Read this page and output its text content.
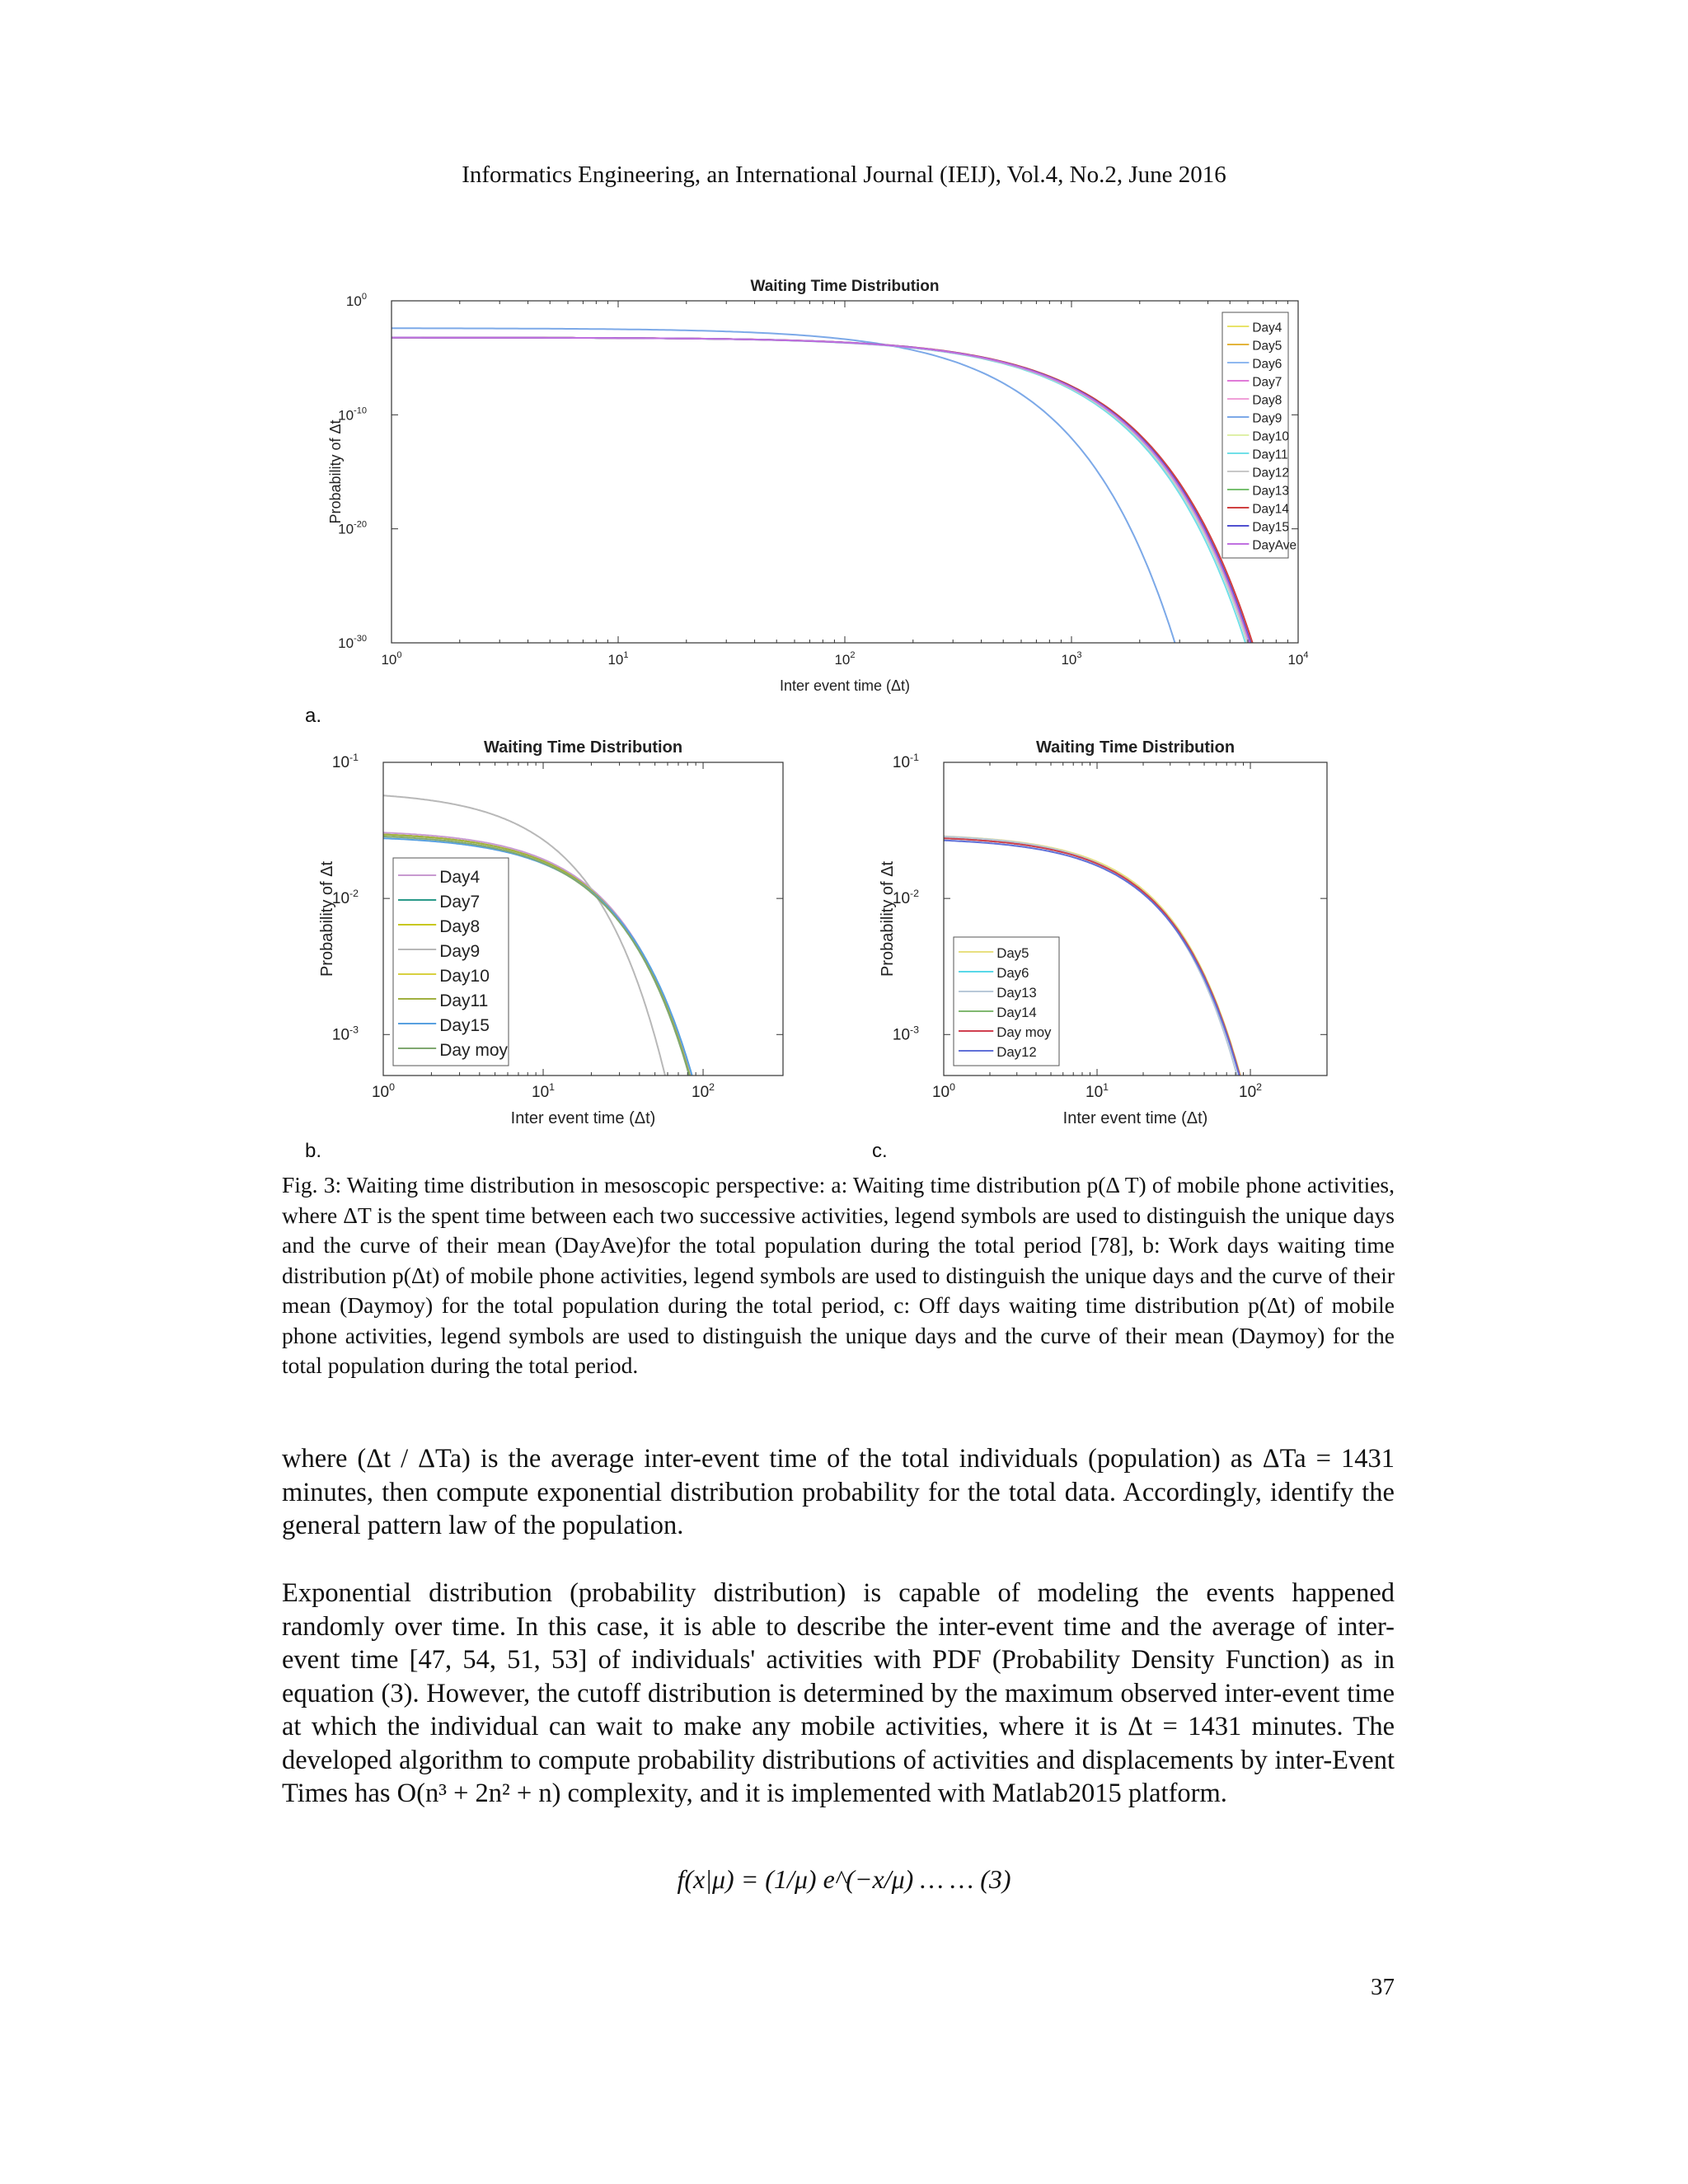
Informatics Engineering, an International Journal (IEIJ), Vol.4, No.2, June 2016
Waiting Time Distribution
$10^0$	$10^1$	$10^2$	$10^3$	$10^4$
$10^0$
$10^{-10}$
$10^{-20}$
$10^{-30}$
Inter event time (Δt)
Probability of Δt
Day4
Day5
Day6
Day7
Day8
Day9
Day10
Day11
Day12
Day13
Day14
Day15
DayAve
a.
Waiting Time Distribution
$10^0$	$10^1$	$10^2$
$10^{-1}$
$10^{-2}$
$10^{-3}$
Inter event time (Δt)
Probability of Δt	Day4
Day7
Day8
Day9
Day10
Day11
Day15
Day moy
b.
Waiting Time Distribution
$10^0$	$10^1$	$10^2$
$10^{-1}$
$10^{-2}$
$10^{-3}$
Inter event time (Δt)
Probability of Δt	Day5
Day6
Day13
Day14
Day moy
Day12
c.
Fig. 3: Waiting time distribution in mesoscopic perspective: a: Waiting time distribution p(Δ T) of mobile phone activities, where ΔT is the spent time between each two successive activities, legend symbols are used to distinguish the unique days and the curve of their mean (DayAve)for the total population during the total period [78], b: Work days waiting time distribution p(Δt) of mobile phone activities, legend symbols are used to distinguish the unique days and the curve of their mean (Daymoy) for the total population during the total period, c: Off days waiting time distribution p(Δt) of mobile phone activities, legend symbols are used to distinguish the unique days and the curve of their mean (Daymoy) for the total population during the total period.
where (Δt / ΔTa) is the average inter-event time of the total individuals (population) as ΔTa = 1431 minutes, then compute exponential distribution probability for the total data. Accordingly, identify the general pattern law of the population.
Exponential distribution (probability distribution) is capable of modeling the events happened randomly over time. In this case, it is able to describe the inter-event time and the average of inter-event time [47, 54, 51, 53] of individuals' activities with PDF (Probability Density Function) as in equation (3). However, the cutoff distribution is determined by the maximum observed inter-event time at which the individual can wait to make any mobile activities, where it is Δt = 1431 minutes. The developed algorithm to compute probability distributions of activities and displacements by inter-Event Times has O(n³ + 2n² + n) complexity, and it is implemented with Matlab2015 platform.
f(x|μ) = (1/μ) e^(−x/μ) … … (3)
37
